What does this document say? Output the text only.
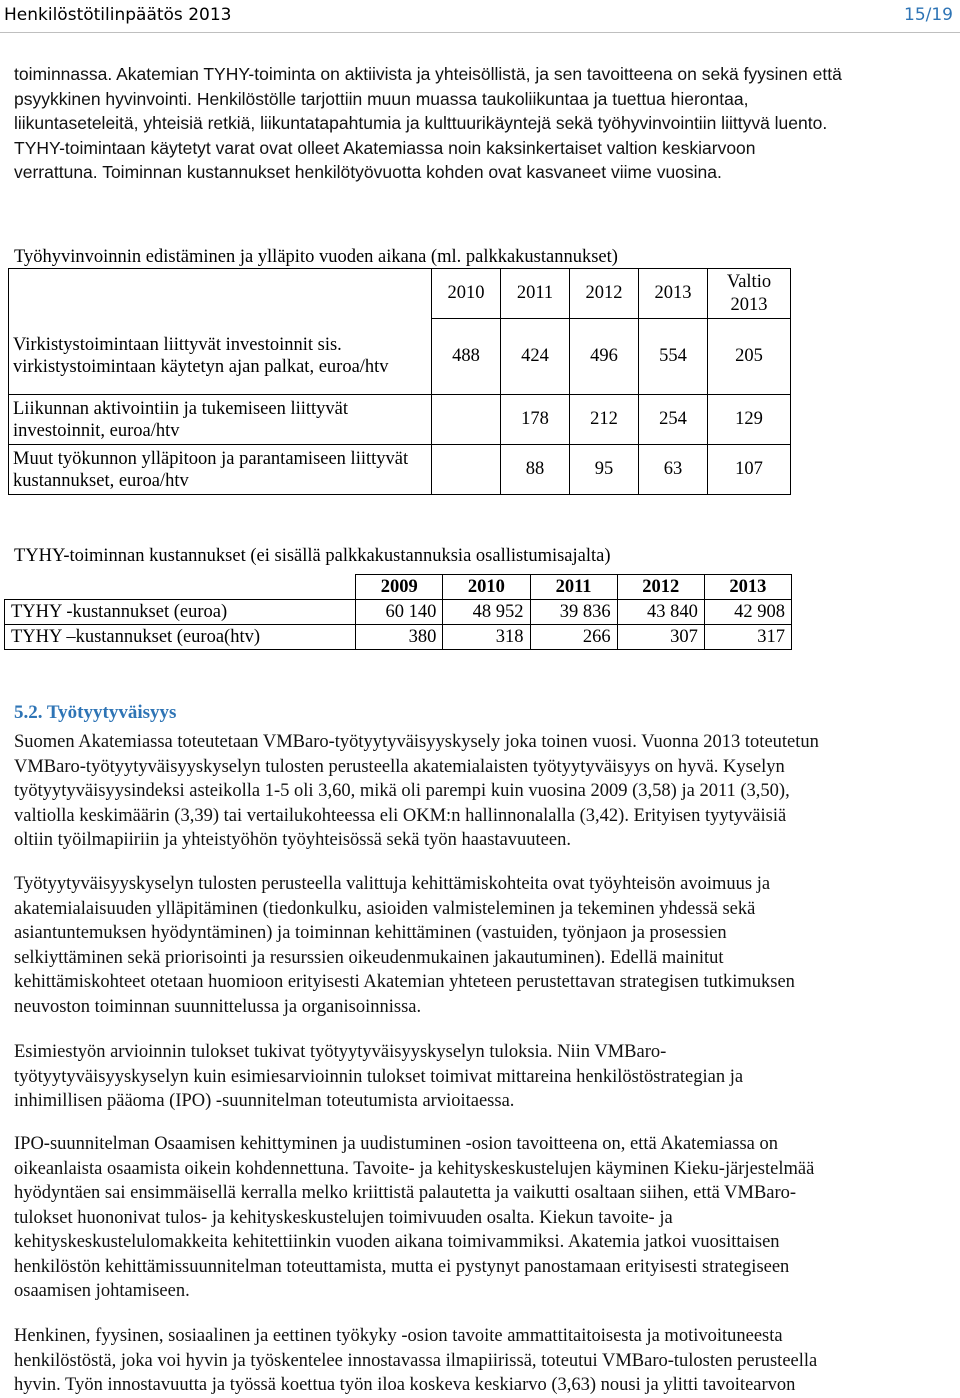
Henkilöstötilinpäätös 2013	15/19
toiminnassa. Akatemian TYHY-toiminta on aktiivista ja yhteisöllistä, ja sen tavoitteena on sekä fyysinen että
psyykkinen hyvinvointi. Henkilöstölle tarjottiin muun muassa taukoliikuntaa ja tuettua hierontaa,
liikuntaseteleitä, yhteisiä retkiä, liikuntatapahtumia ja kulttuurikäyntejä sekä työhyvinvointiin liittyvä luento.
TYHY-toimintaan käytetyt varat ovat olleet Akatemiassa noin kaksinkertaiset valtion keskiarvoon
verrattuna. Toiminnan kustannukset henkilötyövuotta kohden ovat kasvaneet viime vuosina.
Työhyvinvoinnin edistäminen ja ylläpito vuoden aikana (ml. palkkakustannukset)
	2010	2011	2012	2013	Valtio 2013
Virkistystoimintaan liittyvät investoinnit sis. virkistystoimintaan käytetyn ajan palkat, euroa/htv	488	424	496	554	205
Liikunnan aktivointiin ja tukemiseen liittyvät investoinnit, euroa/htv		178	212	254	129
Muut työkunnon ylläpitoon ja parantamiseen liittyvät kustannukset, euroa/htv		88	95	63	107
TYHY-toiminnan kustannukset (ei sisällä palkkakustannuksia osallistumisajalta)
	2009	2010	2011	2012	2013
TYHY -kustannukset (euroa)	60 140	48 952	39 836	43 840	42 908
TYHY –kustannukset (euroa(htv)	380	318	266	307	317
5.2. Työtyytyväisyys
Suomen Akatemiassa toteutetaan VMBaro-työtyytyväisyyskysely joka toinen vuosi. Vuonna 2013 toteutetun
VMBaro-työtyytyväisyyskyselyn tulosten perusteella akatemialaisten työtyytyväisyys on hyvä. Kyselyn
työtyytyväisyysindeksi asteikolla 1-5 oli 3,60, mikä oli parempi kuin vuosina 2009 (3,58) ja 2011 (3,50),
valtiolla keskimäärin (3,39) tai vertailukohteessa eli OKM:n hallinnonalalla (3,42). Erityisen tyytyväisiä
oltiin työilmapiiriin ja yhteistyöhön työyhteisössä sekä työn haastavuuteen.
Työtyytyväisyyskyselyn tulosten perusteella valittuja kehittämiskohteita ovat työyhteisön avoimuus ja
akatemialaisuuden ylläpitäminen (tiedonkulku, asioiden valmisteleminen ja tekeminen yhdessä sekä
asiantuntemuksen hyödyntäminen) ja toiminnan kehittäminen (vastuiden, työnjaon ja prosessien
selkiyttäminen sekä priorisointi ja resurssien oikeudenmukainen jakautuminen). Edellä mainitut
kehittämiskohteet otetaan huomioon erityisesti Akatemian yhteteen perustettavan strategisen tutkimuksen
neuvoston toiminnan suunnittelussa ja organisoinnissa.
Esimiestyön arvioinnin tulokset tukivat työtyytyväisyyskyselyn tuloksia. Niin VMBaro-
työtyytyväisyyskyselyn kuin esimiesarvioinnin tulokset toimivat mittareina henkilöstöstrategian ja
inhimillisen pääoma (IPO) -suunnitelman toteutumista arvioitaessa.
IPO-suunnitelman Osaamisen kehittyminen ja uudistuminen -osion tavoitteena on, että Akatemiassa on
oikeanlaista osaamista oikein kohdennettuna. Tavoite- ja kehityskeskustelujen käyminen Kieku-järjestelmää
hyödyntäen sai ensimmäisellä kerralla melko kriittistä palautetta ja vaikutti osaltaan siihen, että VMBaro-
tulokset huononivat tulos- ja kehityskeskustelujen toimivuuden osalta. Kiekun tavoite- ja
kehityskeskustelulomakkeita kehitettiinkin vuoden aikana toimivammiksi. Akatemia jatkoi vuosittaisen
henkilöstön kehittämissuunnitelman toteuttamista, mutta ei pystynyt panostamaan erityisesti strategiseen
osaamisen johtamiseen.
Henkinen, fyysinen, sosiaalinen ja eettinen työkyky -osion tavoite ammattitaitoisesta ja motivoituneesta
henkilöstöstä, joka voi hyvin ja työskentelee innostavassa ilmapiirissä, toteutui VMBaro-tulosten perusteella
hyvin. Työn innostavuutta ja työssä koettua työn iloa koskeva keskiarvo (3,63) nousi ja ylitti tavoitearvon
